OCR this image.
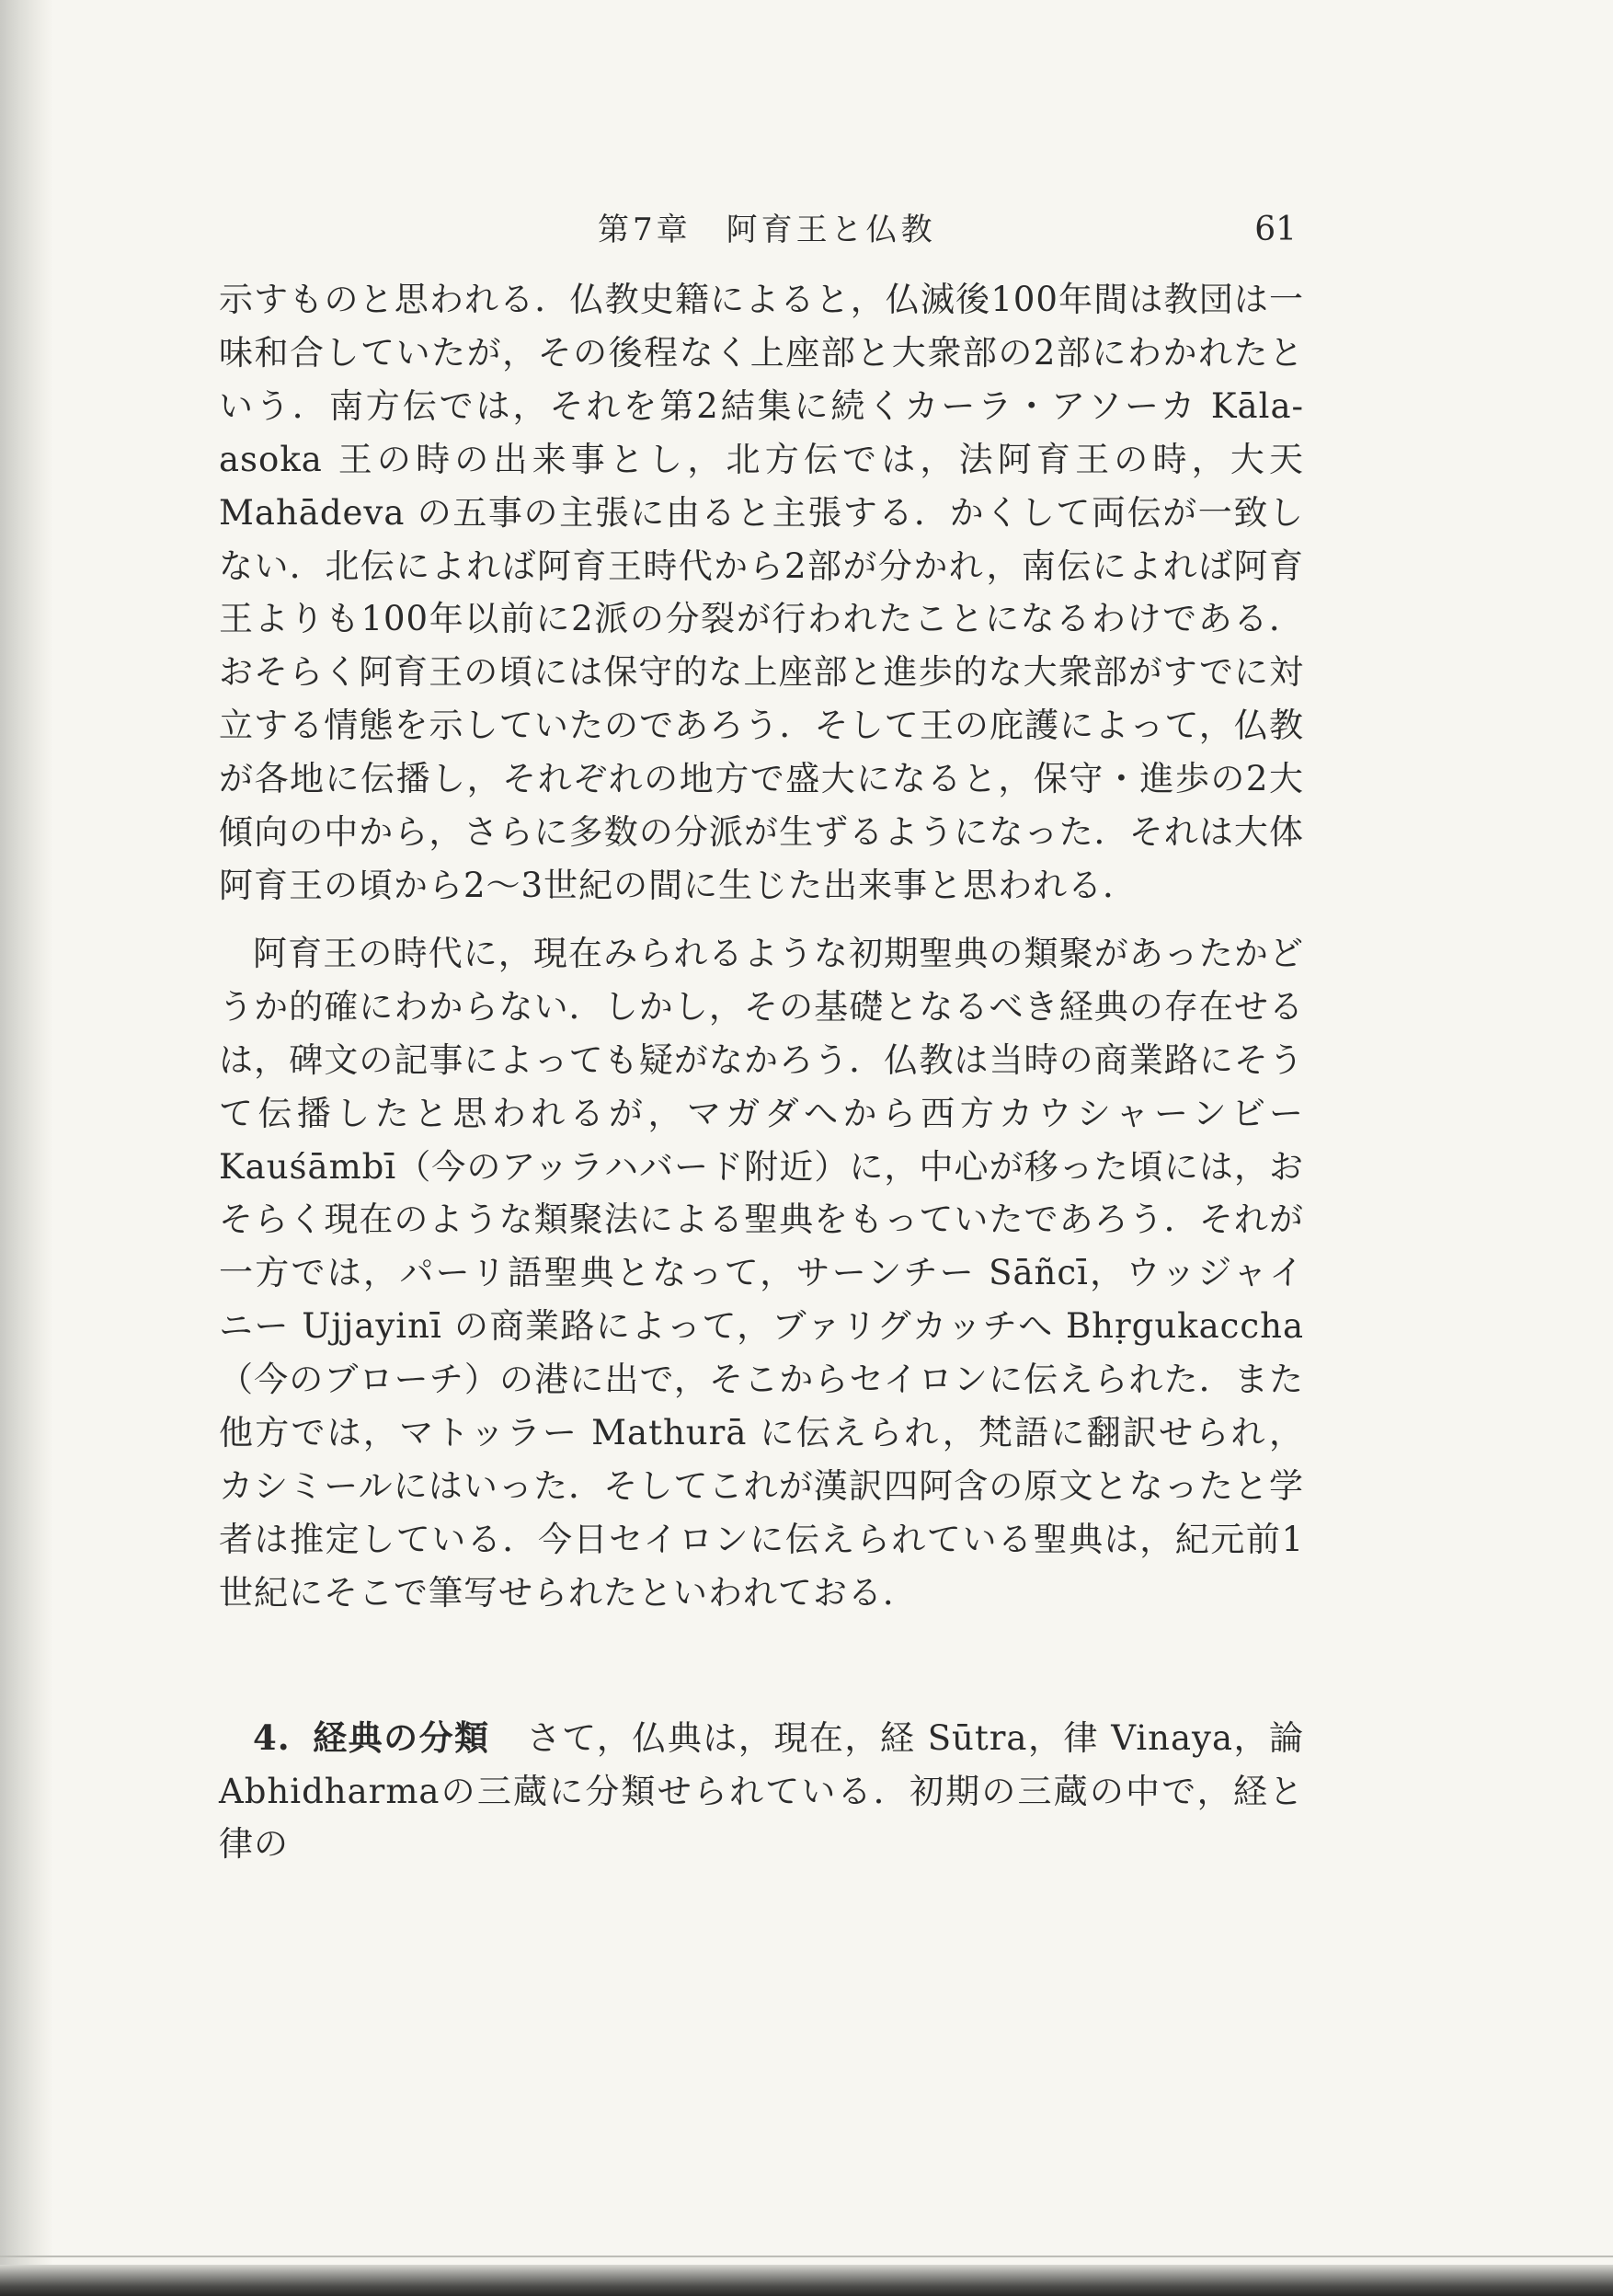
第7章　阿育王と仏教	61

示すものと思われる．仏教史籍によると，仏滅後100年間は教団は一味和合していたが，その後程なく上座部と大衆部の2部にわかれたという．南方伝では，それを第2結集に続くカーラ・アソーカ Kāla-asoka 王の時の出来事とし，北方伝では，法阿育王の時，大天 Mahādeva の五事の主張に由ると主張する．かくして両伝が一致しない．北伝によれば阿育王時代から2部が分かれ，南伝によれば阿育王よりも100年以前に2派の分裂が行われたことになるわけである．おそらく阿育王の頃には保守的な上座部と進歩的な大衆部がすでに対立する情態を示していたのであろう．そして王の庇護によって，仏教が各地に伝播し，それぞれの地方で盛大になると，保守・進歩の2大傾向の中から，さらに多数の分派が生ずるようになった．それは大体阿育王の頃から2～3世紀の間に生じた出来事と思われる．

阿育王の時代に，現在みられるような初期聖典の類聚があったかどうか的確にわからない．しかし，その基礎となるべき経典の存在せるは，碑文の記事によっても疑がなかろう．仏教は当時の商業路にそうて伝播したと思われるが，マガダへから西方カウシャーンビー Kauśāmbī（今のアッラハバード附近）に，中心が移った頃には，おそらく現在のような類聚法による聖典をもっていたであろう．それが一方では，パーリ語聖典となって，サーンチー Sāñcī，ウッジャイニー Ujjayinī の商業路によって，ブァリグカッチへ Bhṛgukaccha（今のブローチ）の港に出で，そこからセイロンに伝えられた．また他方では，マトッラー Mathurā に伝えられ，梵語に翻訳せられ，カシミールにはいった．そしてこれが漢訳四阿含の原文となったと学者は推定している．今日セイロンに伝えられている聖典は，紀元前1世紀にそこで筆写せられたといわれておる．

4. 経典の分類 さて，仏典は，現在，経 Sūtra，律 Vinaya，論 Abhidharmaの三蔵に分類せられている．初期の三蔵の中で，経と律の
